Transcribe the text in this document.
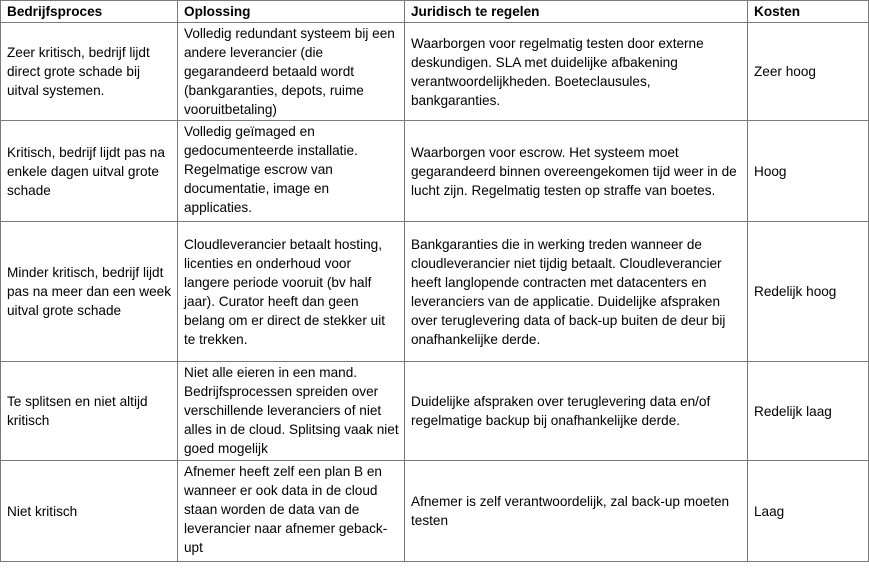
Bedrijfsproces	Oplossing	Juridisch te regelen	Kosten
Zeer kritisch, bedrijf lijdt direct grote schade bij uitval systemen.	Volledig redundant systeem bij een andere leverancier (die gegarandeerd betaald wordt (bankgaranties, depots, ruime vooruitbetaling)	Waarborgen voor regelmatig testen door externe deskundigen. SLA met duidelijke afbakening verantwoordelijkheden. Boeteclausules, bankgaranties.	Zeer hoog
Kritisch, bedrijf lijdt pas na enkele dagen uitval grote schade	Volledig geïmaged en gedocumenteerde installatie. Regelmatige escrow van documentatie, image en applicaties.	Waarborgen voor escrow. Het systeem moet gegarandeerd binnen overeengekomen tijd weer in de lucht zijn. Regelmatig testen op straffe van boetes.	Hoog
Minder kritisch, bedrijf lijdt pas na meer dan een week uitval grote schade	Cloudleverancier betaalt hosting, licenties en onderhoud voor langere periode vooruit (bv half jaar). Curator heeft dan geen belang om er direct de stekker uit te trekken.	Bankgaranties die in werking treden wanneer de cloudleverancier niet tijdig betaalt. Cloudleverancier heeft langlopende contracten met datacenters en leveranciers van de applicatie. Duidelijke afspraken over teruglevering data of back-up buiten de deur bij onafhankelijke derde.	Redelijk hoog
Te splitsen en niet altijd kritisch	Niet alle eieren in een mand. Bedrijfsprocessen spreiden over verschillende leveranciers of niet alles in de cloud. Splitsing vaak niet goed mogelijk	Duidelijke afspraken over teruglevering data en/of regelmatige backup bij onafhankelijke derde.	Redelijk laag
Niet kritisch	Afnemer heeft zelf een plan B en wanneer er ook data in de cloud staan worden de data van de leverancier naar afnemer geback-upt	Afnemer is zelf verantwoordelijk, zal back-up moeten testen	Laag
